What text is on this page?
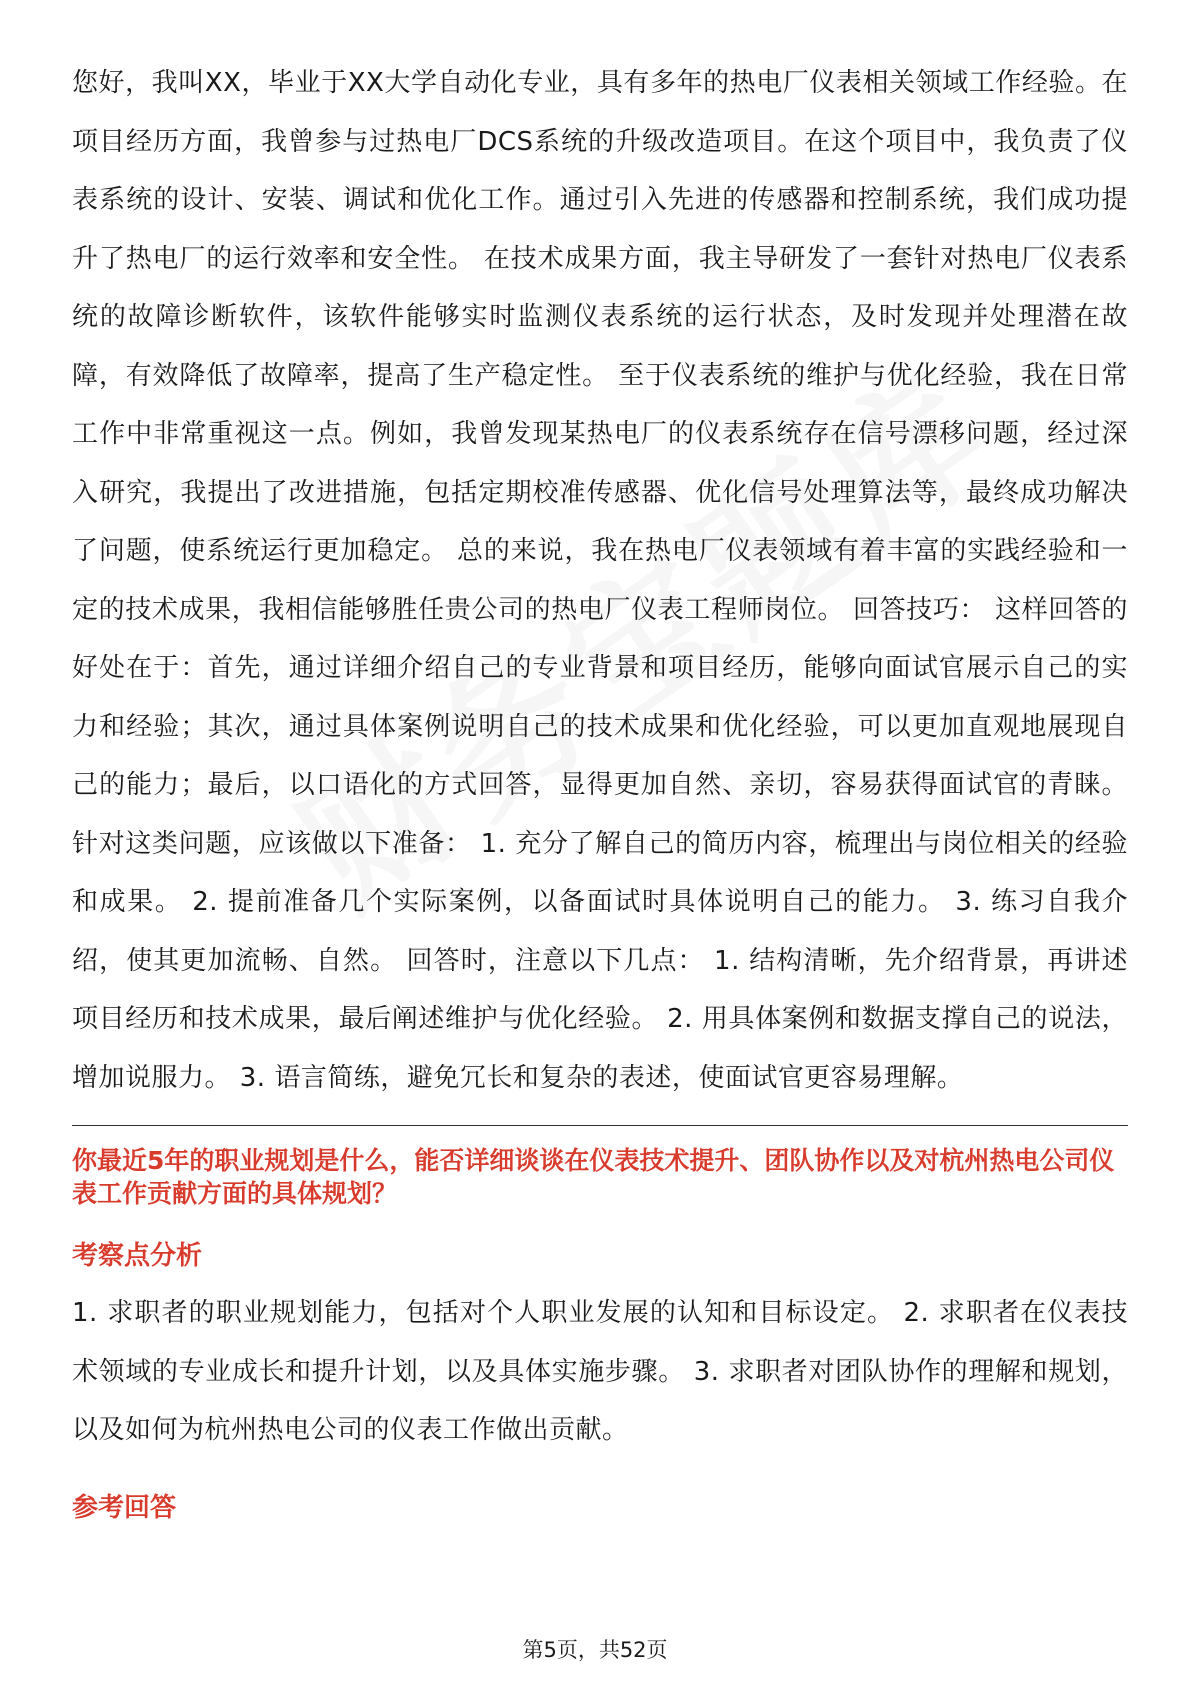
您好，我叫XX，毕业于XX大学自动化专业，具有多年的热电厂仪表相关领域工作经验。在项目经历方面，我曾参与过热电厂DCS系统的升级改造项目。在这个项目中，我负责了仪表系统的设计、安装、调试和优化工作。通过引入先进的传感器和控制系统，我们成功提升了热电厂的运行效率和安全性。 在技术成果方面，我主导研发了一套针对热电厂仪表系统的故障诊断软件，该软件能够实时监测仪表系统的运行状态，及时发现并处理潜在故障，有效降低了故障率，提高了生产稳定性。 至于仪表系统的维护与优化经验，我在日常工作中非常重视这一点。例如，我曾发现某热电厂的仪表系统存在信号漂移问题，经过深入研究，我提出了改进措施，包括定期校准传感器、优化信号处理算法等，最终成功解决了问题，使系统运行更加稳定。 总的来说，我在热电厂仪表领域有着丰富的实践经验和一定的技术成果，我相信能够胜任贵公司的热电厂仪表工程师岗位。 回答技巧： 这样回答的好处在于：首先，通过详细介绍自己的专业背景和项目经历，能够向面试官展示自己的实力和经验；其次，通过具体案例说明自己的技术成果和优化经验，可以更加直观地展现自己的能力；最后，以口语化的方式回答，显得更加自然、亲切，容易获得面试官的青睐。 针对这类问题，应该做以下准备： 1. 充分了解自己的简历内容，梳理出与岗位相关的经验和成果。 2. 提前准备几个实际案例，以备面试时具体说明自己的能力。 3. 练习自我介绍，使其更加流畅、自然。 回答时，注意以下几点： 1. 结构清晰，先介绍背景，再讲述项目经历和技术成果，最后阐述维护与优化经验。 2. 用具体案例和数据支撑自己的说法，增加说服力。 3. 语言简练，避免冗长和复杂的表述，使面试官更容易理解。

你最近5年的职业规划是什么，能否详细谈谈在仪表技术提升、团队协作以及对杭州热电公司仪表工作贡献方面的具体规划？

考察点分析

1. 求职者的职业规划能力，包括对个人职业发展的认知和目标设定。 2. 求职者在仪表技术领域的专业成长和提升计划，以及具体实施步骤。 3. 求职者对团队协作的理解和规划，以及如何为杭州热电公司的仪表工作做出贡献。

参考回答

第5页，共52页
